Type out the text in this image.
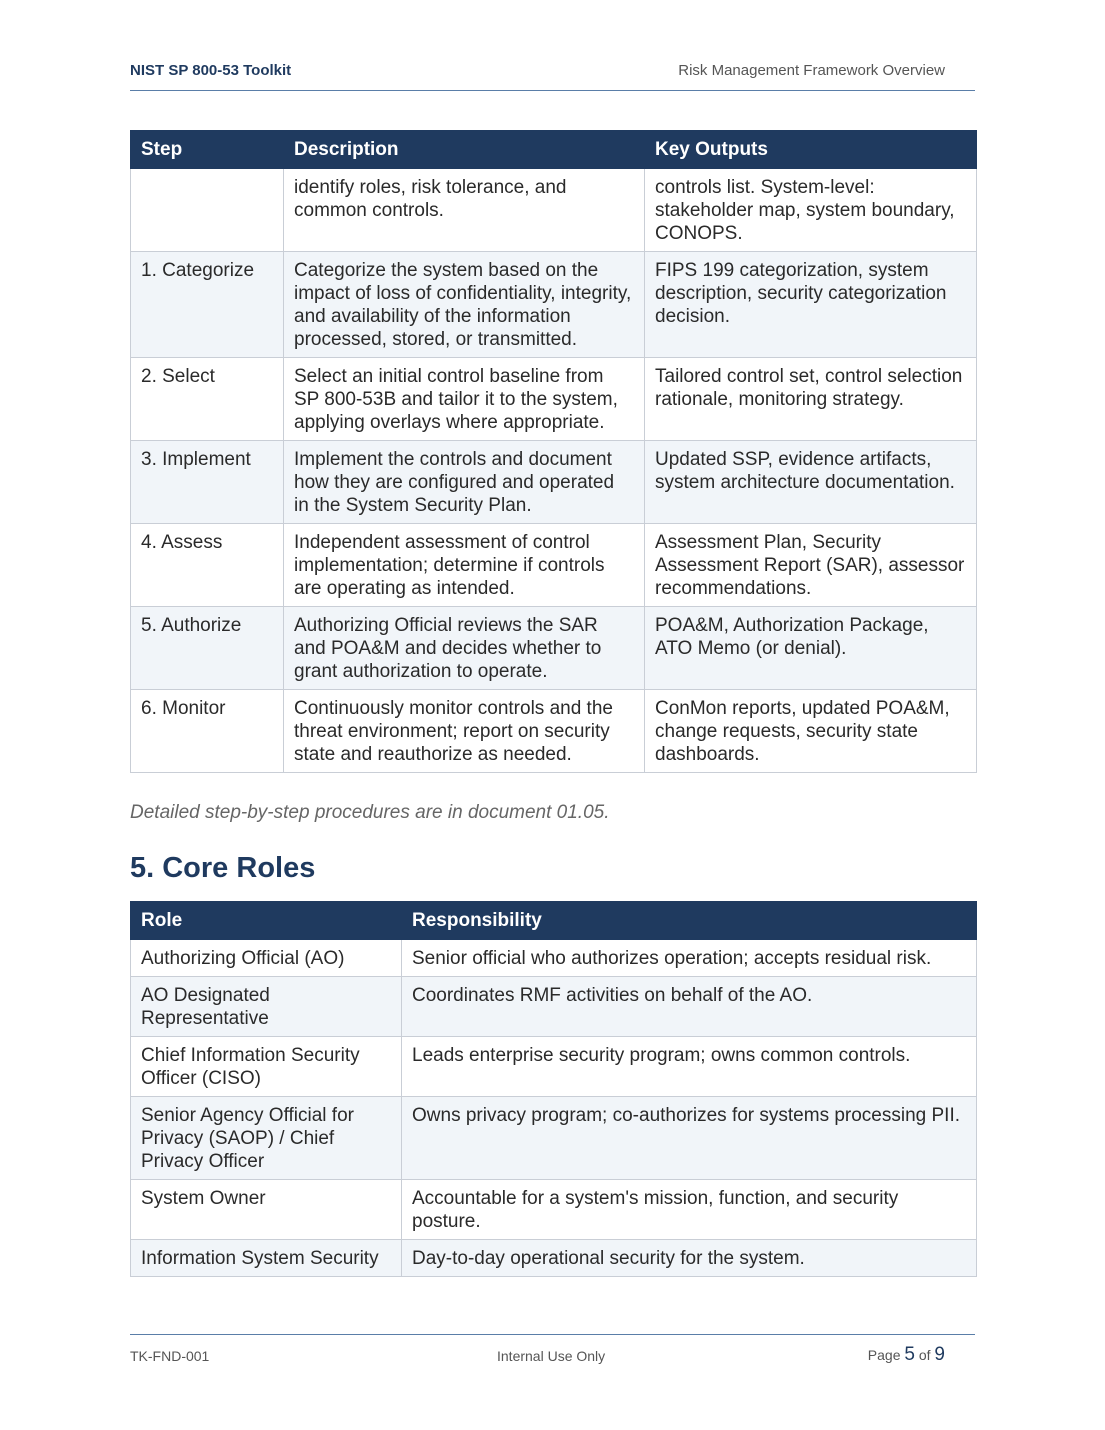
NIST SP 800-53 Toolkit	Risk Management Framework Overview
Step	Description	Key Outputs
	identify roles, risk tolerance, and common controls.	controls list. System-level: stakeholder map, system boundary, CONOPS.
1. Categorize	Categorize the system based on the impact of loss of confidentiality, integrity, and availability of the information processed, stored, or transmitted.	FIPS 199 categorization, system description, security categorization decision.
2. Select	Select an initial control baseline from SP 800-53B and tailor it to the system, applying overlays where appropriate.	Tailored control set, control selection rationale, monitoring strategy.
3. Implement	Implement the controls and document how they are configured and operated in the System Security Plan.	Updated SSP, evidence artifacts, system architecture documentation.
4. Assess	Independent assessment of control implementation; determine if controls are operating as intended.	Assessment Plan, Security Assessment Report (SAR), assessor recommendations.
5. Authorize	Authorizing Official reviews the SAR and POA&M and decides whether to grant authorization to operate.	POA&M, Authorization Package, ATO Memo (or denial).
6. Monitor	Continuously monitor controls and the threat environment; report on security state and reauthorize as needed.	ConMon reports, updated POA&M, change requests, security state dashboards.
Detailed step-by-step procedures are in document 01.05.
5. Core Roles
Role	Responsibility
Authorizing Official (AO)	Senior official who authorizes operation; accepts residual risk.
AO Designated Representative	Coordinates RMF activities on behalf of the AO.
Chief Information Security Officer (CISO)	Leads enterprise security program; owns common controls.
Senior Agency Official for Privacy (SAOP) / Chief Privacy Officer	Owns privacy program; co-authorizes for systems processing PII.
System Owner	Accountable for a system's mission, function, and security posture.
Information System Security	Day-to-day operational security for the system.
TK-FND-001	Internal Use Only	Page 5 of 9
